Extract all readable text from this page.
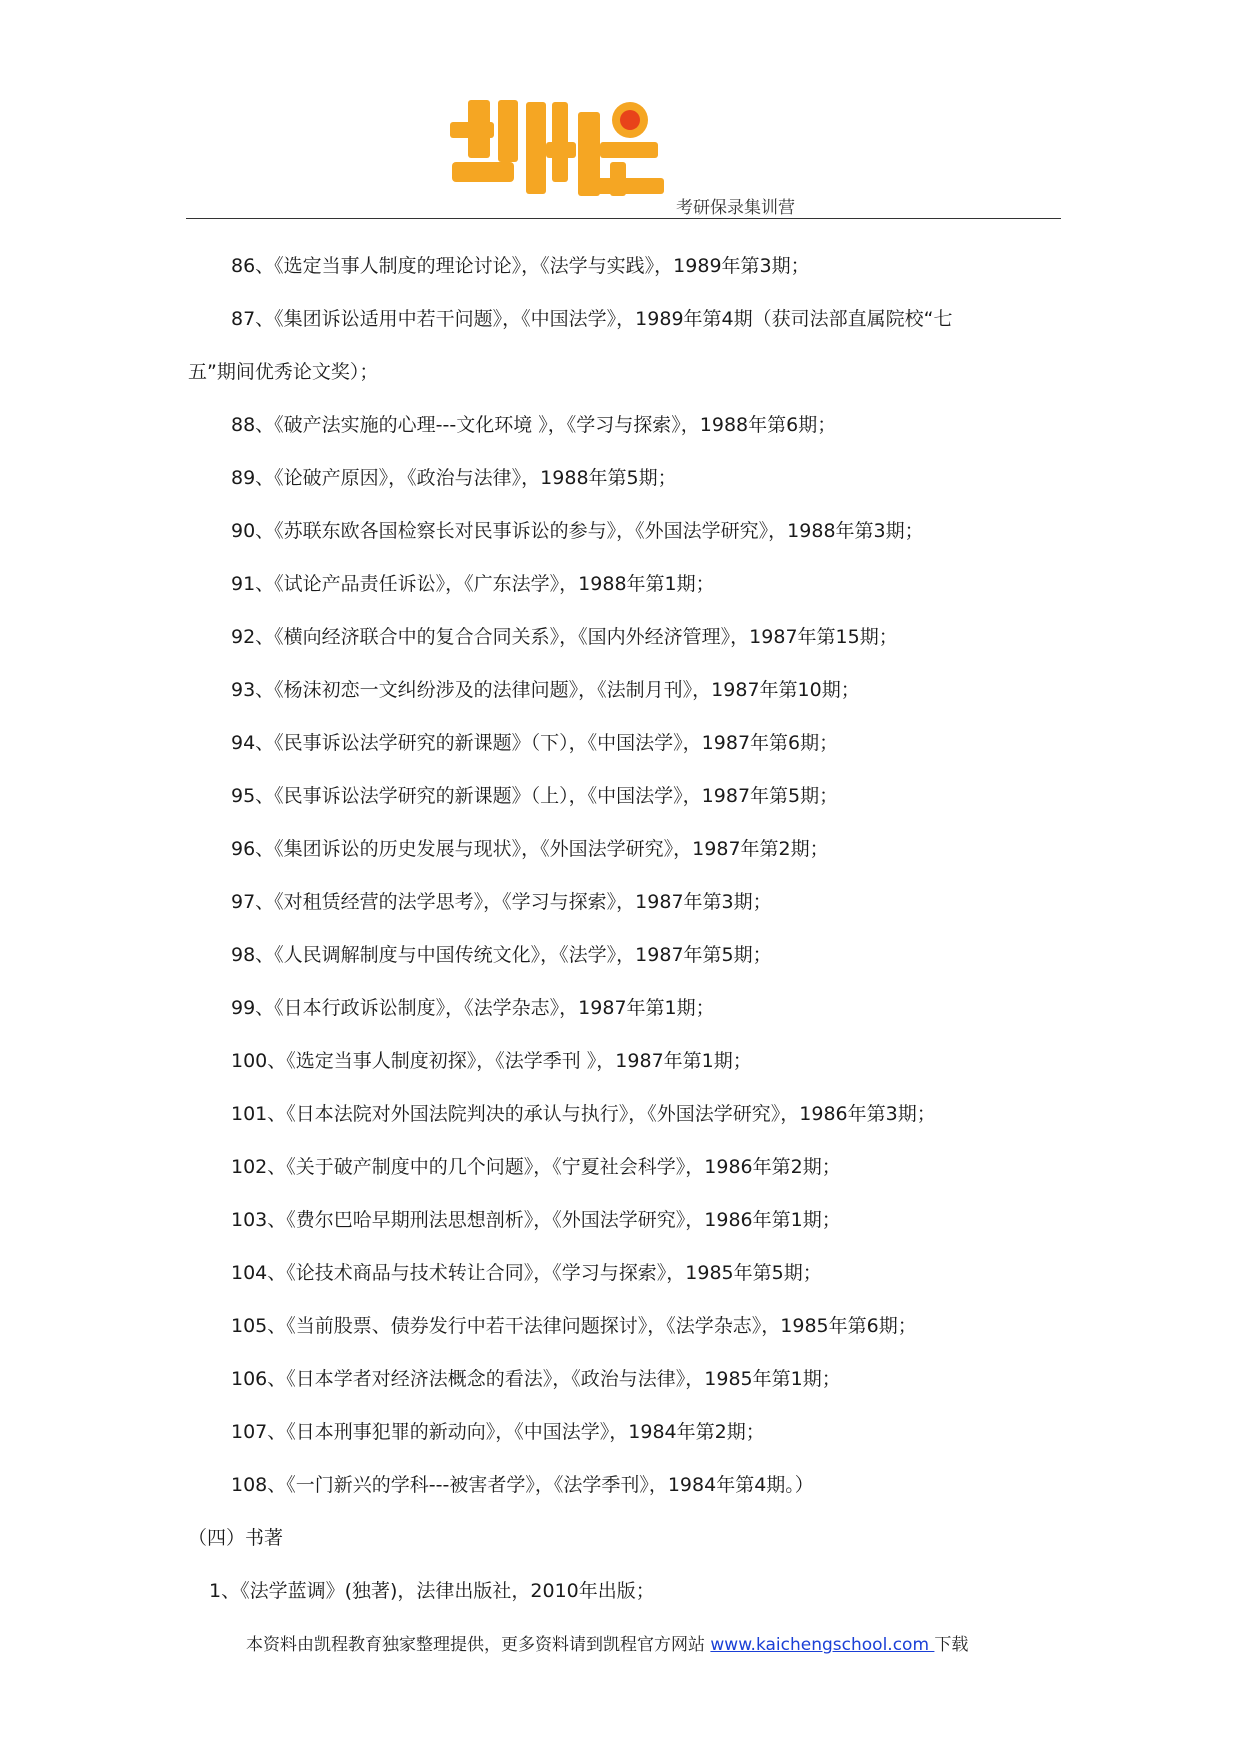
考研保录集训营
86、《选定当事人制度的理论讨论》，《法学与实践》，1989年第3期；
87、《集团诉讼适用中若干问题》，《中国法学》，1989年第4期（获司法部直属院校“七
五”期间优秀论文奖）；
88、《破产法实施的心理---文化环境 》，《学习与探索》，1988年第6期；
89、《论破产原因》，《政治与法律》，1988年第5期；
90、《苏联东欧各国检察长对民事诉讼的参与》，《外国法学研究》，1988年第3期；
91、《试论产品责任诉讼》，《广东法学》，1988年第1期；
92、《横向经济联合中的复合合同关系》，《国内外经济管理》，1987年第15期；
93、《杨沫初恋一文纠纷涉及的法律问题》，《法制月刊》，1987年第10期；
94、《民事诉讼法学研究的新课题》（下），《中国法学》，1987年第6期；
95、《民事诉讼法学研究的新课题》（上），《中国法学》，1987年第5期；
96、《集团诉讼的历史发展与现状》，《外国法学研究》，1987年第2期；
97、《对租赁经营的法学思考》，《学习与探索》，1987年第3期；
98、《人民调解制度与中国传统文化》，《法学》，1987年第5期；
99、《日本行政诉讼制度》，《法学杂志》，1987年第1期；
100、《选定当事人制度初探》，《法学季刊 》，1987年第1期；
101、《日本法院对外国法院判决的承认与执行》，《外国法学研究》，1986年第3期；
102、《关于破产制度中的几个问题》，《宁夏社会科学》，1986年第2期；
103、《费尔巴哈早期刑法思想剖析》，《外国法学研究》，1986年第1期；
104、《论技术商品与技术转让合同》，《学习与探索》，1985年第5期；
105、《当前股票、债券发行中若干法律问题探讨》，《法学杂志》，1985年第6期；
106、《日本学者对经济法概念的看法》，《政治与法律》，1985年第1期；
107、《日本刑事犯罪的新动向》，《中国法学》，1984年第2期；
108、《一门新兴的学科---被害者学》，《法学季刊》，1984年第4期。）
（四）书著
1、《法学蓝调》(独著)，法律出版社，2010年出版；
本资料由凯程教育独家整理提供，更多资料请到凯程官方网站 www.kaichengschool.com 下载
